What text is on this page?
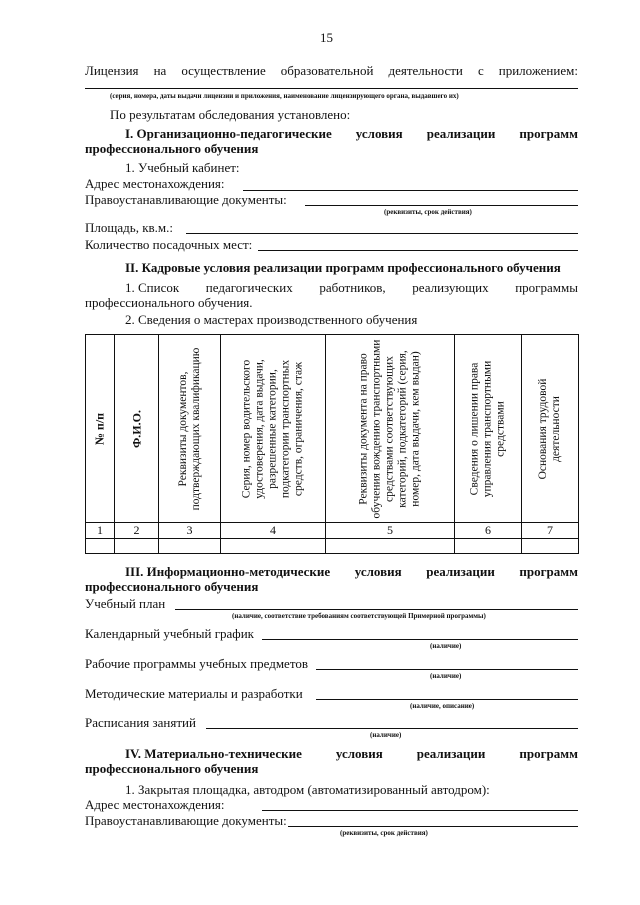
15
Лицензия на осуществление образовательной деятельности с приложением:
(серия, номера, даты выдачи лицензии и приложения, наименование лицензирующего органа, выдавшего их)
По результатам обследования установлено:
I. Организационно-педагогические условия реализации программ
профессионального обучения
1. Учебный кабинет:
Адрес местонахождения:
Правоустанавливающие документы:
(реквизиты, срок действия)
Площадь, кв.м.:
Количество посадочных мест:
II. Кадровые условия реализации программ профессионального обучения
1. Список педагогических работников, реализующих программы
профессионального обучения.
2. Сведения о мастерах производственного обучения
№ п/п	Ф.И.О.	Реквизиты документов, подтверждающих квалификацию	Серия, номер водительского удостоверения, дата выдачи, разрешенные категории, подкатегории транспортных средств, ограничения, стаж	Реквизиты документа на право обучения вождению транспортными средствами соответствующих категорий, подкатегорий (серия, номер, дата выдачи, кем выдан)	Сведения о лишении права управления транспортными средствами	Основания трудовой деятельности

1	2	3	4	5	6	7

III. Информационно-методические условия реализации программ
профессионального обучения
Учебный план
(наличие, соответствие требованиям соответствующей Примерной программы)
Календарный учебный график
(наличие)
Рабочие программы учебных предметов
(наличие)
Методические материалы и разработки
(наличие, описание)
Расписания занятий
(наличие)
IV. Материально-технические	условия	реализации	программ
профессионального обучения
1. Закрытая площадка, автодром (автоматизированный автодром):
Адрес местонахождения:
Правоустанавливающие документы:
(реквизиты, срок действия)
